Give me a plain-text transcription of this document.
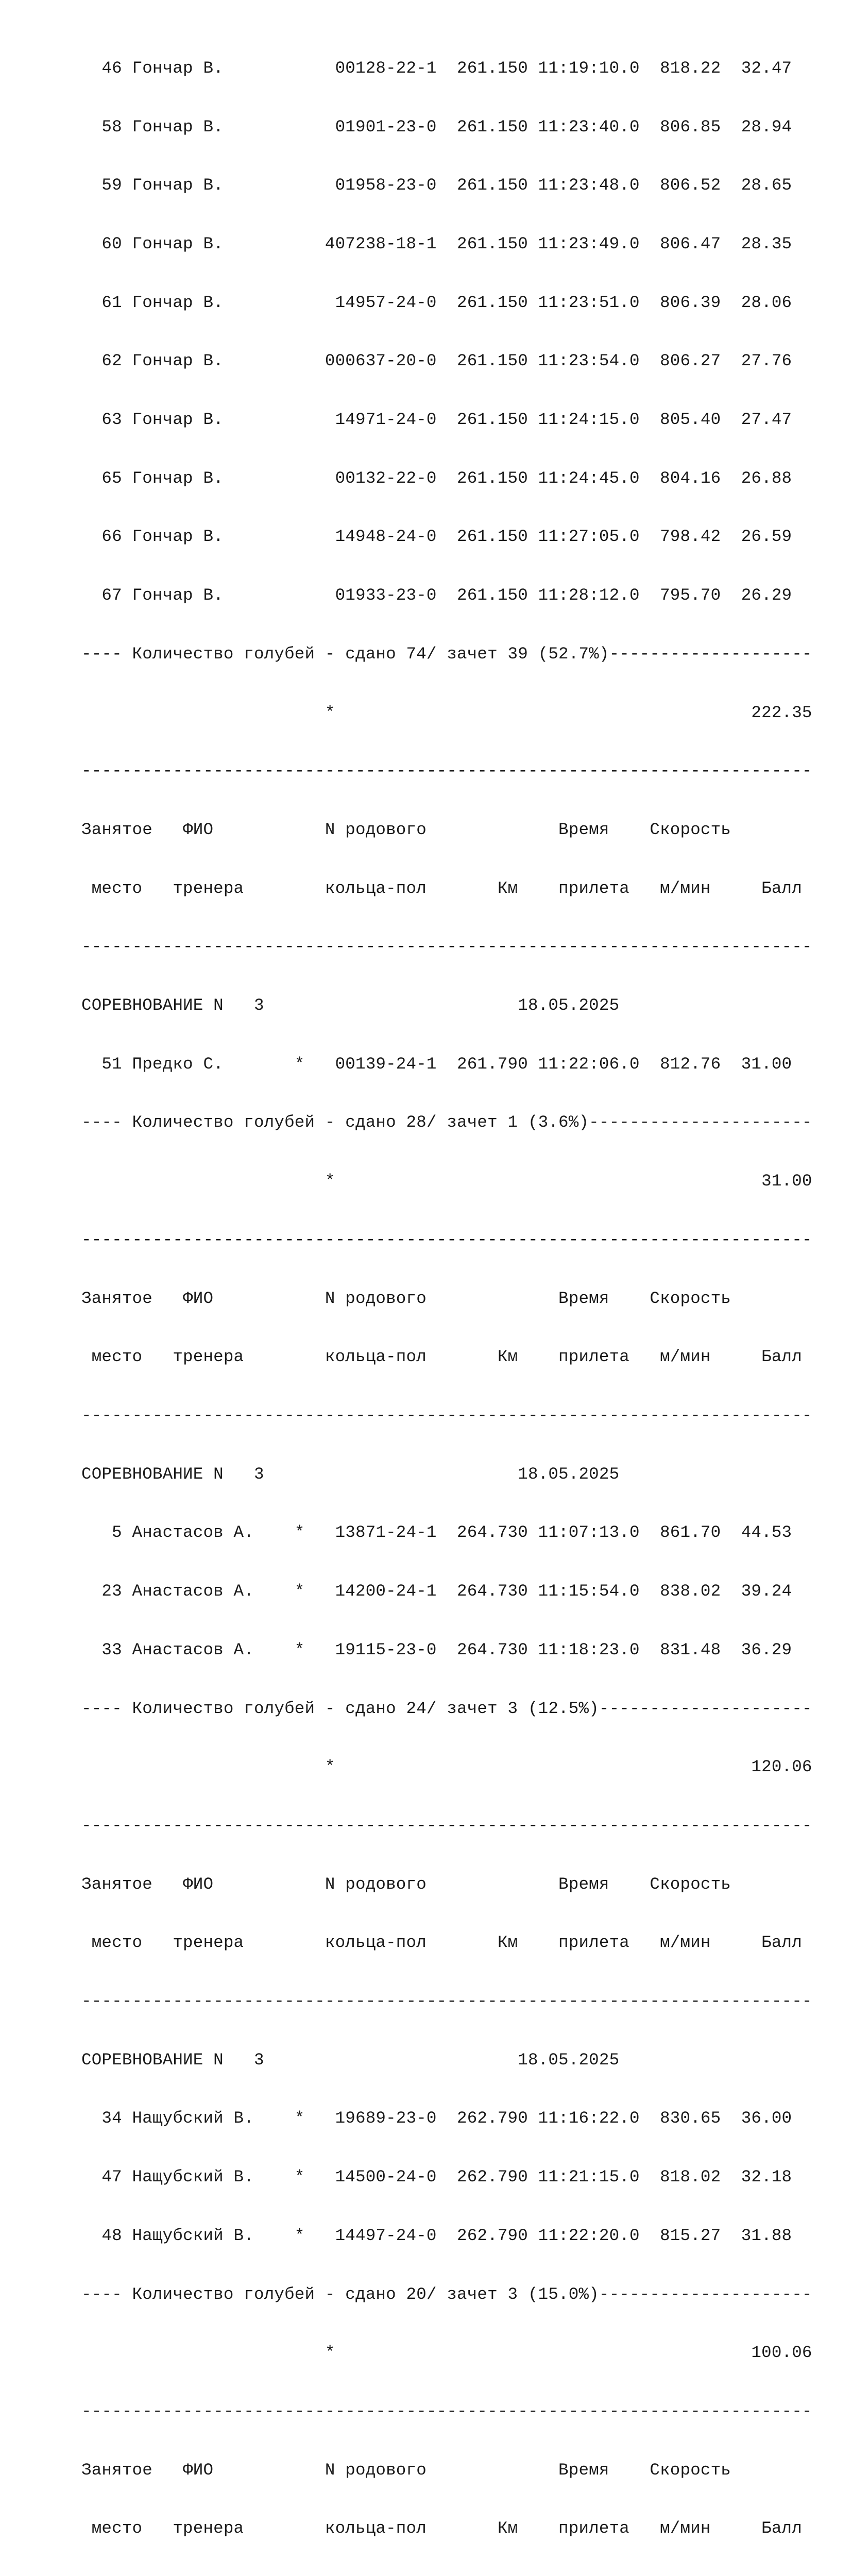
46 Гончар В.           00128-22-1  261.150 11:19:10.0  818.22  32.47

58 Гончар В.           01901-23-0  261.150 11:23:40.0  806.85  28.94

59 Гончар В.           01958-23-0  261.150 11:23:48.0  806.52  28.65

60 Гончар В.          407238-18-1  261.150 11:23:49.0  806.47  28.35

61 Гончар В.           14957-24-0  261.150 11:23:51.0  806.39  28.06

62 Гончар В.          000637-20-0  261.150 11:23:54.0  806.27  27.76

63 Гончар В.           14971-24-0  261.150 11:24:15.0  805.40  27.47

65 Гончар В.           00132-22-0  261.150 11:24:45.0  804.16  26.88

66 Гончар В.           14948-24-0  261.150 11:27:05.0  798.42  26.59

67 Гончар В.           01933-23-0  261.150 11:28:12.0  795.70  26.29

---- Количество голубей - сдано 74/ зачет 39 (52.7%)--------------------

*                                         222.35

------------------------------------------------------------------------

Занятое   ФИО           N родового             Время    Скорость

место   тренера        кольца-пол       Км    прилета   м/мин     Балл

------------------------------------------------------------------------

СОРЕВНОВАНИЕ N   3                         18.05.2025

51 Предко С.       *   00139-24-1  261.790 11:22:06.0  812.76  31.00

---- Количество голубей - сдано 28/ зачет 1 (3.6%)----------------------

*                                          31.00

------------------------------------------------------------------------

Занятое   ФИО           N родового             Время    Скорость

место   тренера        кольца-пол       Км    прилета   м/мин     Балл

------------------------------------------------------------------------

СОРЕВНОВАНИЕ N   3                         18.05.2025

5 Анастасов А.    *   13871-24-1  264.730 11:07:13.0  861.70  44.53

23 Анастасов А.    *   14200-24-1  264.730 11:15:54.0  838.02  39.24

33 Анастасов А.    *   19115-23-0  264.730 11:18:23.0  831.48  36.29

---- Количество голубей - сдано 24/ зачет 3 (12.5%)---------------------

*                                         120.06

------------------------------------------------------------------------

Занятое   ФИО           N родового             Время    Скорость

место   тренера        кольца-пол       Км    прилета   м/мин     Балл

------------------------------------------------------------------------

СОРЕВНОВАНИЕ N   3                         18.05.2025

34 Нащубский В.    *   19689-23-0  262.790 11:16:22.0  830.65  36.00

47 Нащубский В.    *   14500-24-0  262.790 11:21:15.0  818.02  32.18

48 Нащубский В.    *   14497-24-0  262.790 11:22:20.0  815.27  31.88

---- Количество голубей - сдано 20/ зачет 3 (15.0%)---------------------

*                                         100.06

------------------------------------------------------------------------

Занятое   ФИО           N родового             Время    Скорость

место   тренера        кольца-пол       Км    прилета   м/мин     Балл
